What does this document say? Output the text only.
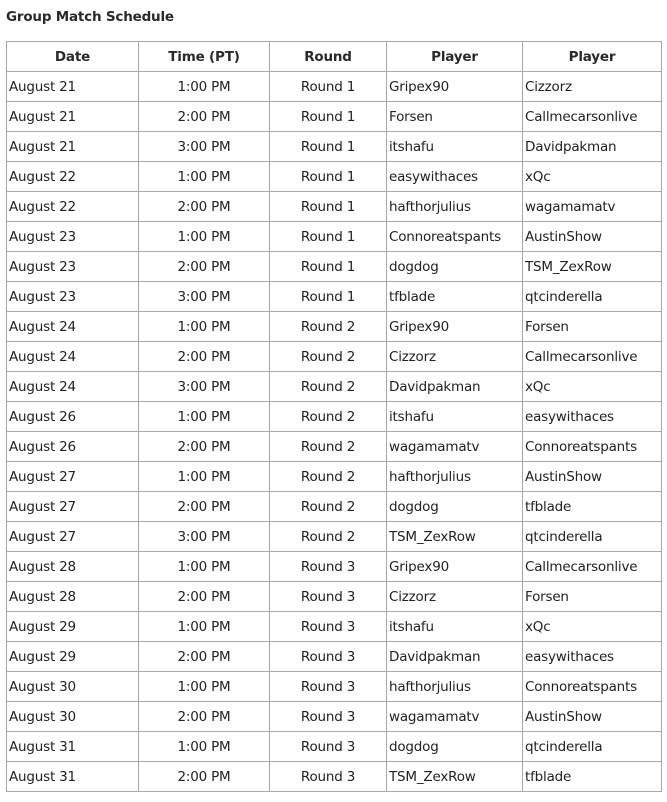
Group Match Schedule
Date	Time (PT)	Round	Player	Player
August 21	1:00 PM	Round 1	Gripex90	Cizzorz
August 21	2:00 PM	Round 1	Forsen	Callmecarsonlive
August 21	3:00 PM	Round 1	itshafu	Davidpakman
August 22	1:00 PM	Round 1	easywithaces	xQc
August 22	2:00 PM	Round 1	hafthorjulius	wagamamatv
August 23	1:00 PM	Round 1	Connoreatspants	AustinShow
August 23	2:00 PM	Round 1	dogdog	TSM_ZexRow
August 23	3:00 PM	Round 1	tfblade	qtcinderella
August 24	1:00 PM	Round 2	Gripex90	Forsen
August 24	2:00 PM	Round 2	Cizzorz	Callmecarsonlive
August 24	3:00 PM	Round 2	Davidpakman	xQc
August 26	1:00 PM	Round 2	itshafu	easywithaces
August 26	2:00 PM	Round 2	wagamamatv	Connoreatspants
August 27	1:00 PM	Round 2	hafthorjulius	AustinShow
August 27	2:00 PM	Round 2	dogdog	tfblade
August 27	3:00 PM	Round 2	TSM_ZexRow	qtcinderella
August 28	1:00 PM	Round 3	Gripex90	Callmecarsonlive
August 28	2:00 PM	Round 3	Cizzorz	Forsen
August 29	1:00 PM	Round 3	itshafu	xQc
August 29	2:00 PM	Round 3	Davidpakman	easywithaces
August 30	1:00 PM	Round 3	hafthorjulius	Connoreatspants
August 30	2:00 PM	Round 3	wagamamatv	AustinShow
August 31	1:00 PM	Round 3	dogdog	qtcinderella
August 31	2:00 PM	Round 3	TSM_ZexRow	tfblade
